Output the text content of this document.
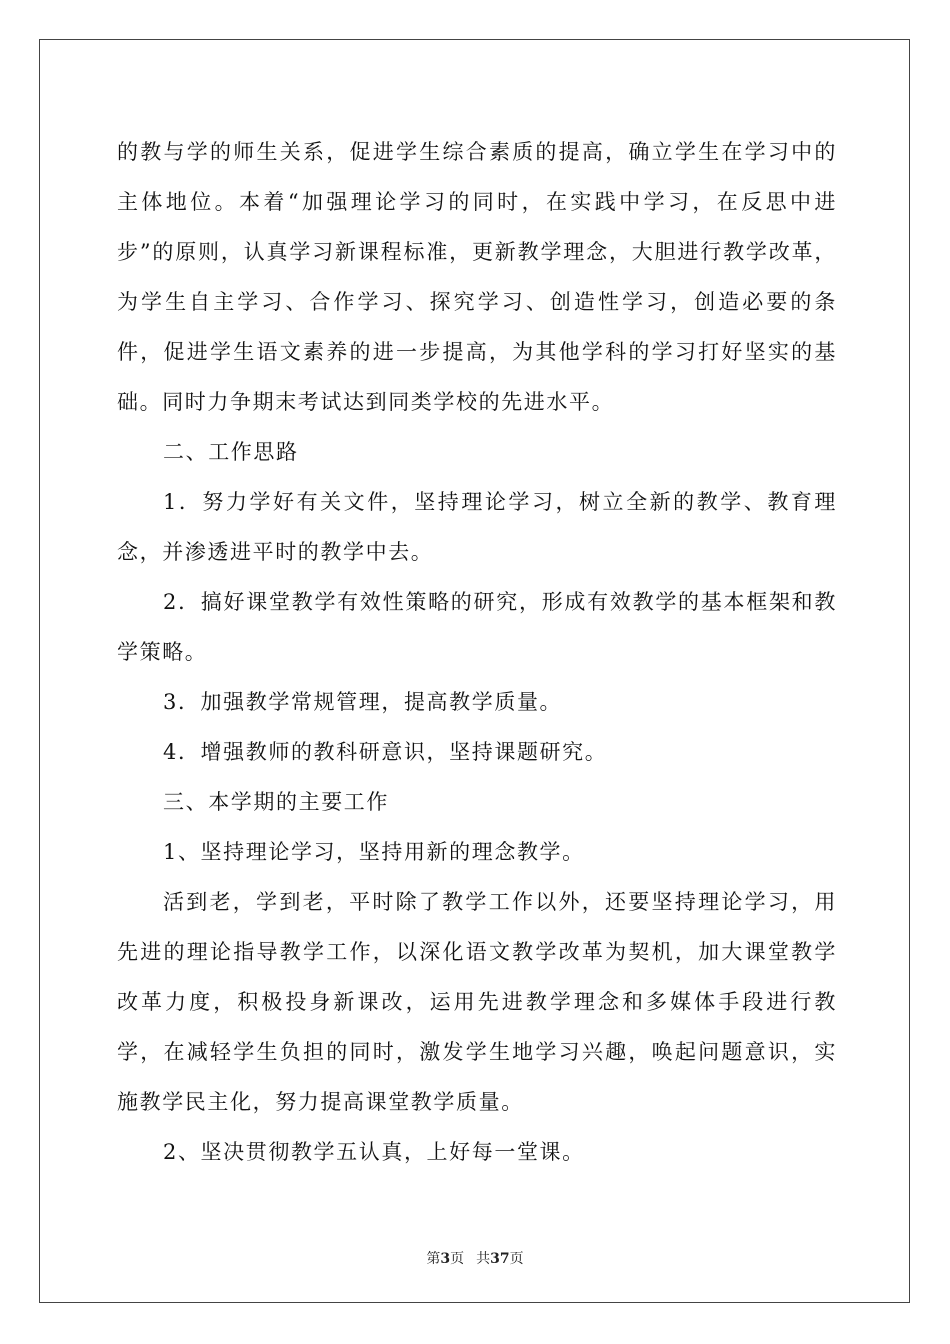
的教与学的师生关系，促进学生综合素质的提高，确立学生在学习中的主体地位。本着“加强理论学习的同时，在实践中学习，在反思中进步”的原则，认真学习新课程标准，更新教学理念，大胆进行教学改革，为学生自主学习、合作学习、探究学习、创造性学习，创造必要的条件，促进学生语文素养的进一步提高，为其他学科的学习打好坚实的基础。同时力争期末考试达到同类学校的先进水平。

二、工作思路

1．努力学好有关文件，坚持理论学习，树立全新的教学、教育理念，并渗透进平时的教学中去。

2．搞好课堂教学有效性策略的研究，形成有效教学的基本框架和教学策略。

3．加强教学常规管理，提高教学质量。

4．增强教师的教科研意识，坚持课题研究。

三、本学期的主要工作

1、坚持理论学习，坚持用新的理念教学。

活到老，学到老，平时除了教学工作以外，还要坚持理论学习，用先进的理论指导教学工作，以深化语文教学改革为契机，加大课堂教学改革力度，积极投身新课改，运用先进教学理念和多媒体手段进行教学，在减轻学生负担的同时，激发学生地学习兴趣，唤起问题意识，实施教学民主化，努力提高课堂教学质量。

2、坚决贯彻教学五认真，上好每一堂课。

第3页 共37页
